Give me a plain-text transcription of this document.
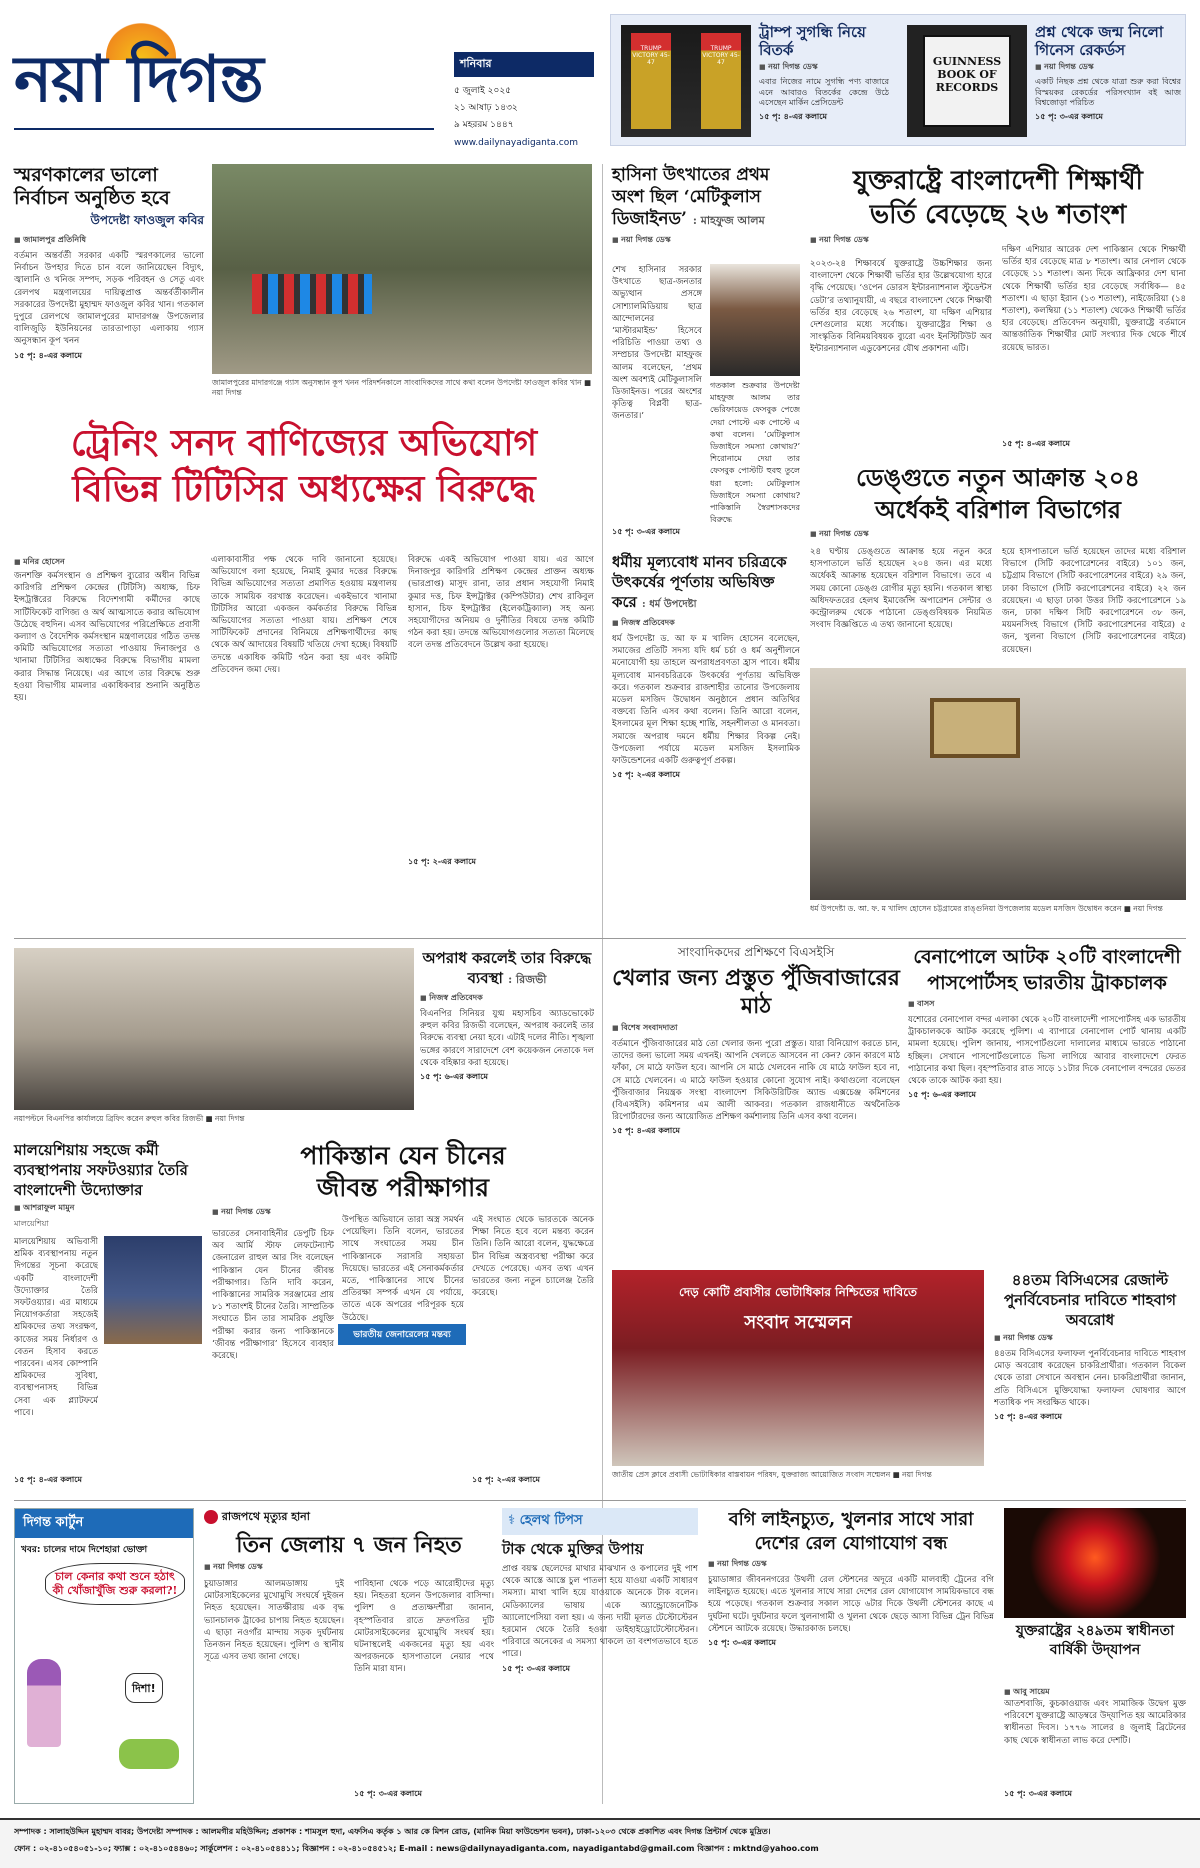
নয়া দিগন্ত	শনিবার
৫ জুলাই ২০২৫
২১ আষাঢ় ১৪৩২
৯ মহররম ১৪৪৭
www.dailynayadiganta.com
TRUMP VICTORY 45-47
TRUMP VICTORY 45-47
ট্রাম্প সুগন্ধি নিয়ে বিতর্ক
■ নয়া দিগন্ত ডেস্ক
এবার নিজের নামে সুগন্ধি পণ্য বাজারে এনে আবারও বিতর্কের কেন্দ্রে উঠে এসেছেন মার্কিন প্রেসিডেন্ট
১৫ পৃ: ৪-এর কলামে
GUINNESS BOOK OF RECORDS
প্রশ্ন থেকে জন্ম নিলো গিনেস রেকর্ডস
■ নয়া দিগন্ত ডেস্ক
একটি নিছক প্রশ্ন থেকে যাত্রা শুরু করা বিশ্বের বিস্ময়কর রেকর্ডের পরিসংখ্যান বই আজ বিশ্বজোড়া পরিচিত
১৫ পৃ: ৩-এর কলামে
স্মরণকালের ভালো নির্বাচন অনুষ্ঠিত হবে
উপদেষ্টা ফাওজুল কবির
■ জামালপুর প্রতিনিধি
বর্তমান অন্তর্বর্তী সরকার একটি স্মরণকালের ভালো নির্বাচন উপহার দিতে চান বলে জানিয়েছেন বিদ্যুৎ, জ্বালানি ও খনিজ সম্পদ, সড়ক পরিবহন ও সেতু এবং রেলপথ মন্ত্রণালয়ের দায়িত্বপ্রাপ্ত অন্তর্বর্তীকালীন সরকারের উপদেষ্টা মুহাম্মদ ফাওজুল কবির খান। গতকাল দুপুরে রেলপথে জামালপুরের মাদারগঞ্জ উপজেলার বালিজুড়ি ইউনিয়নের তারতাপাড়া এলাকায় গ্যাস অনুসন্ধান কূপ খনন
১৫ পৃ: ৪-এর কলামে
জামালপুরের মাদারগঞ্জে গ্যাস অনুসন্ধান কূপ খনন পরিদর্শনকালে সাংবাদিকদের সাথে কথা বলেন উপদেষ্টা ফাওজুল কবির খান ■ নয়া দিগন্ত
ট্রেনিং সনদ বাণিজ্যের অভিযোগ
বিভিন্ন টিটিসির অধ্যক্ষের বিরুদ্ধে
■ মনির হোসেন
জনশক্তি কর্মসংস্থান ও প্রশিক্ষণ ব্যুরোর অধীন বিভিন্ন কারিগরি প্রশিক্ষণ কেন্দ্রের (টিটিসি) অধ্যক্ষ, চিফ ইন্সট্রাক্টরের বিরুদ্ধে বিদেশগামী কর্মীদের কাছে সার্টিফিকেট বাণিজ্য ও অর্থ আত্মসাতে করার অভিযোগ উঠেছে বহুদিন। এসব অভিযোগের পরিপ্রেক্ষিতে প্রবাসী কল্যাণ ও বৈদেশিক কর্মসংস্থান মন্ত্রণালয়ের গঠিত তদন্ত কমিটি অভিযোগের সত্যতা পাওয়ায় দিনাজপুর ও খানামা টিটিসির অধ্যক্ষের বিরুদ্ধে বিভাগীয় মামলা করার সিদ্ধান্ত নিয়েছে। এর আগে তার বিরুদ্ধে শুরু হওয়া বিভাগীয় মামলার একাধিকবার শুনানি অনুষ্ঠিত হয়।
এলাকাবাসীর পক্ষ থেকে দাবি জানানো হয়েছে। অভিযোগে বলা হয়েছে, নিমাই কুমার দত্তের বিরুদ্ধে বিভিন্ন অভিযোগের সত্যতা প্রমাণিত হওয়ায় মন্ত্রণালয় তাকে সাময়িক বরখাস্ত করেছেন। একইভাবে খানামা টিটিসির আরো একজন কর্মকর্তার বিরুদ্ধে বিভিন্ন অভিযোগের সত্যতা পাওয়া যায়। প্রশিক্ষণ শেষে সার্টিফিকেট প্রদানের বিনিময়ে প্রশিক্ষণার্থীদের কাছ থেকে অর্থ আদায়ের বিষয়টি খতিয়ে দেখা হচ্ছে। বিষয়টি তদন্তে একাধিক কমিটি গঠন করা হয় এবং কমিটি প্রতিবেদন জমা দেয়।
বিরুদ্ধে একই অভিযোগ পাওয়া যায়। এর আগে দিনাজপুর কারিগরি প্রশিক্ষণ কেন্দ্রের প্রাক্তন অধ্যক্ষ (ভারপ্রাপ্ত) মাসুদ রানা, তার প্রধান সহযোগী নিমাই কুমার দত্ত, চিফ ইন্সট্রাক্টর (কম্পিউটার) শেখ রাকিবুল হাসান, চিফ ইন্সট্রাক্টর (ইলেকট্রিক্যাল) সহ অন্য সহযোগীদের অনিয়ম ও দুর্নীতির বিষয়ে তদন্ত কমিটি গঠন করা হয়। তদন্তে অভিযোগগুলোর সত্যতা মিলেছে বলে তদন্ত প্রতিবেদনে উল্লেখ করা হয়েছে।
১৫ পৃ: ২-এর কলামে
হাসিনা উৎখাতের প্রথম অংশ ছিল ‘মেটিকুলাস ডিজাইনড’ : মাহফুজ আলম
■ নয়া দিগন্ত ডেস্ক
শেখ হাসিনার সরকার উৎখাতে ছাত্র-জনতার অভ্যুত্থান প্রসঙ্গে সোশ্যালমিডিয়ায় ছাত্র আন্দোলনের ‘মাস্টারমাইন্ড’ হিসেবে পরিচিতি পাওয়া তথ্য ও সম্প্রচার উপদেষ্টা মাহফুজ আলম বলেছেন, ‘প্রথম অংশ অবশ্যই মেটিকুলাসলি ডিজাইনড। পরের অংশের কৃতিত্ব বিপ্লবী ছাত্র-জনতার।’
গতকাল শুক্রবার উপদেষ্টা মাহফুজ আলম তার ভেরিফায়েড ফেসবুক পেজে দেয়া পোস্টে এক পোস্টে এ কথা বলেন। ‘মেটিকুলাস ডিজাইনে সমস্যা কোথায়?’ শিরোনামে দেয়া তার ফেসবুক পোস্টটি হুবহু তুলে ধরা হলো: মেটিকুলাস ডিজাইনে সমস্যা কোথায়? পাকিস্তানি স্বৈরশাসকদের বিরুদ্ধে
১৫ পৃ: ৩-এর কলামে
যুক্তরাষ্ট্রে বাংলাদেশী শিক্ষার্থী
ভর্তি বেড়েছে ২৬ শতাংশ
■ নয়া দিগন্ত ডেস্ক
২০২৩-২৪ শিক্ষাবর্ষে যুক্তরাষ্ট্রে উচ্চশিক্ষার জন্য বাংলাদেশ থেকে শিক্ষার্থী ভর্তির হার উল্লেখযোগ্য হারে বৃদ্ধি পেয়েছে। ‘ওপেন ডোরস ইন্টারন্যাশনাল স্টুডেন্টস ডেটা’র তথ্যানুযায়ী, এ বছরে বাংলাদেশ থেকে শিক্ষার্থী ভর্তির হার বেড়েছে ২৬ শতাংশ, যা দক্ষিণ এশিয়ার দেশগুলোর মধ্যে সর্বোচ্চ। যুক্তরাষ্ট্রের শিক্ষা ও সাংস্কৃতিক বিনিময়বিষয়ক ব্যুরো এবং ইনস্টিটিউট অব ইন্টারন্যাশনাল এডুকেশনের যৌথ প্রকাশনা এটি।
দক্ষিণ এশিয়ার আরেক দেশ পাকিস্তান থেকে শিক্ষার্থী ভর্তির হার বেড়েছে মাত্র ৮ শতাংশ। আর নেপাল থেকে বেড়েছে ১১ শতাংশ। অন্য দিকে আফ্রিকার দেশ ঘানা থেকে শিক্ষার্থী ভর্তির হার বেড়েছে সর্বাধিক— ৪৫ শতাংশ। এ ছাড়া ইরান (১৩ শতাংশ), নাইজেরিয়া (১৪ শতাংশ), কলম্বিয়া (১১ শতাংশ) থেকেও শিক্ষার্থী ভর্তির হার বেড়েছে। প্রতিবেদন অনুযায়ী, যুক্তরাষ্ট্রে বর্তমানে আন্তর্জাতিক শিক্ষার্থীর মোট সংখ্যার দিক থেকে শীর্ষে রয়েছে ভারত।
১৫ পৃ: ৪-এর কলামে
ডেঙ্গুতে নতুন আক্রান্ত ২০৪
অর্ধেকই বরিশাল বিভাগের
■ নয়া দিগন্ত ডেস্ক
২৪ ঘণ্টায় ডেঙ্গুতে আক্রান্ত হয়ে নতুন করে হাসপাতালে ভর্তি হয়েছেন ২০৪ জন। এর মধ্যে অর্ধেকই আক্রান্ত হয়েছেন বরিশাল বিভাগে। তবে এ সময় কোনো ডেঙ্গু রোগীর মৃত্যু হয়নি। গতকাল স্বাস্থ্য অধিদফতরের হেলথ ইমার্জেন্সি অপারেশন সেন্টার ও কন্ট্রোলরুম থেকে পাঠানো ডেঙ্গুবিষয়ক নিয়মিত সংবাদ বিজ্ঞপ্তিতে এ তথ্য জানানো হয়েছে।
হয়ে হাসপাতালে ভর্তি হয়েছেন তাদের মধ্যে বরিশাল বিভাগে (সিটি করপোরেশনের বাইরে) ১০১ জন, চট্টগ্রাম বিভাগে (সিটি করপোরেশনের বাইরে) ২৯ জন, ঢাকা বিভাগে (সিটি করপোরেশনের বাইরে) ২২ জন রয়েছেন। এ ছাড়া ঢাকা উত্তর সিটি করপোরেশনে ১৯ জন, ঢাকা দক্ষিণ সিটি করপোরেশনে ৩৮ জন, ময়মনসিংহ বিভাগে (সিটি করপোরেশনের বাইরে) ৫ জন, খুলনা বিভাগে (সিটি করপোরেশনের বাইরে) রয়েছেন।
ধর্মীয় মূল্যবোধ মানব চরিত্রকে উৎকর্ষের পূর্ণতায় অভিষিক্ত করে : ধর্ম উপদেষ্টা
■ নিজস্ব প্রতিবেদক
ধর্ম উপদেষ্টা ড. আ ফ ম খালিদ হোসেন বলেছেন, সমাজের প্রতিটি সদস্য যদি ধর্ম চর্চা ও ধর্ম অনুশীলনে মনোযোগী হয় তাহলে অপরাধপ্রবণতা হ্রাস পাবে। ধর্মীয় মূল্যবোধ মানবচরিত্রকে উৎকর্ষের পূর্ণতায় অভিষিক্ত করে। গতকাল শুক্রবার রাজশাহীর তানোর উপজেলায় মডেল মসজিদ উদ্বোধন অনুষ্ঠানে প্রধান অতিথির বক্তব্যে তিনি এসব কথা বলেন। তিনি আরো বলেন, ইসলামের মূল শিক্ষা হচ্ছে শান্তি, সহনশীলতা ও মানবতা। সমাজে অপরাধ দমনে ধর্মীয় শিক্ষার বিকল্প নেই। উপজেলা পর্যায়ে মডেল মসজিদ ইসলামিক ফাউন্ডেশনের একটি গুরুত্বপূর্ণ প্রকল্প।
১৫ পৃ: ২-এর কলামে
ধর্ম উপদেষ্টা ড. আ. ফ. ম খালিদ হোসেন চট্টগ্রামের রাঙ্গুনিয়া উপজেলায় মডেল মসজিদ উদ্বোধন করেন ■ নয়া দিগন্ত
নয়াপল্টনে বিএনপির কার্যালয়ে ব্রিফিং করেন রুহুল কবির রিজভী ■ নয়া দিগন্ত
অপরাধ করলেই তার বিরুদ্ধে ব্যবস্থা : রিজভী
■ নিজস্ব প্রতিবেদক
বিএনপির সিনিয়র যুগ্ম মহাসচিব অ্যাডভোকেট রুহুল কবির রিজভী বলেছেন, অপরাধ করলেই তার বিরুদ্ধে ব্যবস্থা নেয়া হবে। এটাই দলের নীতি। শৃঙ্খলা ভঙ্গের কারণে সারাদেশে বেশ কয়েকজন নেতাকে দল থেকে বহিষ্কার করা হয়েছে।
১৫ পৃ: ৬-এর কলামে
সাংবাদিকদের প্রশিক্ষণে বিএসইসি
খেলার জন্য প্রস্তুত পুঁজিবাজারের মাঠ
■ বিশেষ সংবাদদাতা
বর্তমানে পুঁজিবাজারের মাঠ তো খেলার জন্য পুরো প্রস্তুত। যারা বিনিয়োগ করতে চান, তাদের জন্য ভালো সময় এখনই। আপনি খেলতে আসবেন না কেন? কোন কারণে মাঠ ফাঁকা, সে মাঠে ফাউল হবে। আপনি সে মাঠে খেলবেন নাকি যে মাঠে ফাউল হবে না, সে মাঠে খেলবেন। এ মাঠে ফাউল হওয়ার কোনো সুযোগ নাই। কথাগুলো বলেছেন পুঁজিবাজার নিয়ন্ত্রক সংস্থা বাংলাদেশ সিকিউরিটিজ অ্যান্ড এক্সচেঞ্জ কমিশনের (বিএসইসি) কমিশনার এম আলী আকবর। গতকাল রাজধানীতে অর্থনৈতিক রিপোর্টারদের জন্য আয়োজিত প্রশিক্ষণ কর্মশালায় তিনি এসব কথা বলেন।
১৫ পৃ: ৪-এর কলামে
বেনাপোলে আটক ২০টি বাংলাদেশী
পাসপোর্টসহ ভারতীয় ট্রাকচালক
■ বাসস
যশোরের বেনাপোল বন্দর এলাকা থেকে ২০টি বাংলাদেশী পাসপোর্টসহ এক ভারতীয় ট্রাকচালককে আটক করেছে পুলিশ। এ ব্যাপারে বেনাপোল পোর্ট থানায় একটি মামলা হয়েছে। পুলিশ জানায়, পাসপোর্টগুলো দালালের মাধ্যমে ভারতে পাঠানো হচ্ছিল। সেখানে পাসপোর্টগুলোতে ভিসা লাগিয়ে আবার বাংলাদেশে ফেরত পাঠানোর কথা ছিল। বৃহস্পতিবার রাত সাড়ে ১১টার দিকে বেনাপোল বন্দরের ভেতর থেকে তাকে আটক করা হয়।
১৫ পৃ: ৬-এর কলামে
মালয়েশিয়ায় সহজে কর্মী ব্যবস্থাপনায় সফটওয়্যার তৈরি বাংলাদেশী উদ্যোক্তার
■ আশরাফুল মামুন
মালয়েশিয়া
মালয়েশিয়ায় অভিবাসী শ্রমিক ব্যবস্থাপনায় নতুন দিগন্তের সূচনা করেছে একটি বাংলাদেশী উদ্যোক্তার তৈরি সফটওয়্যার। এর মাধ্যমে নিয়োগকর্তারা সহজেই শ্রমিকদের তথ্য সংরক্ষণ, কাজের সময় নির্ধারণ ও বেতন হিসাব করতে পারবেন। এসব কোম্পানি শ্রমিকদের সুবিধা, ব্যবস্থাপনাসহ বিভিন্ন সেবা এক প্ল্যাটফর্মে পাবে।
১৫ পৃ: ৪-এর কলামে
পাকিস্তান যেন চীনের
জীবন্ত পরীক্ষাগার
■ নয়া দিগন্ত ডেস্ক
ভারতের সেনাবাহিনীর ডেপুটি চিফ অব আর্মি স্টাফ লেফটেন্যান্ট জেনারেল রাহুল আর সিং বলেছেন পাকিস্তান যেন চীনের জীবন্ত পরীক্ষাগার। তিনি দাবি করেন, পাকিস্তানের সামরিক সরঞ্জামের প্রায় ৮১ শতাংশই চীনের তৈরি। সাম্প্রতিক সংঘাতে চীন তার সামরিক প্রযুক্তি পরীক্ষা করার জন্য পাকিস্তানকে ‘জীবন্ত পরীক্ষাগার’ হিসেবে ব্যবহার করেছে।
ভারতীয় জেনারেলের মন্তব্য
উপস্থিত অভিযানে তারা অস্ত্র সমর্থন পেয়েছিল। তিনি বলেন, ভারতের সাথে সংঘাতের সময় চীন পাকিস্তানকে সরাসরি সহায়তা দিয়েছে। ভারতের এই সেনাকর্মকর্তার মতে, পাকিস্তানের সাথে চীনের প্রতিরক্ষা সম্পর্ক এখন যে পর্যায়ে, তাতে একে অপরের পরিপূরক হয়ে উঠেছে।
এই সংঘাত থেকে ভারতকে অনেক শিক্ষা নিতে হবে বলে মন্তব্য করেন তিনি। তিনি আরো বলেন, যুদ্ধক্ষেত্রে চীন বিভিন্ন অস্ত্রব্যবস্থা পরীক্ষা করে দেখতে পেরেছে। এসব তথ্য এখন ভারতের জন্য নতুন চ্যালেঞ্জ তৈরি করেছে।
১৫ পৃ: ২-এর কলামে
দেড় কোটি প্রবাসীর ভোটাধিকার নিশ্চিতের দাবিতে
সংবাদ সম্মেলন
জাতীয় প্রেস ক্লাবে প্রবাসী ভোটাধিকার বাস্তবায়ন পরিষদ, যুক্তরাজ্য আয়োজিত সংবাদ সম্মেলন ■ নয়া দিগন্ত
৪৪তম বিসিএসের রেজাল্ট পুনর্বিবেচনার দাবিতে শাহবাগ অবরোধ
■ নয়া দিগন্ত ডেস্ক
৪৪তম বিসিএসের ফলাফল পুনর্বিবেচনার দাবিতে শাহবাগ মোড় অবরোধ করেছেন চাকরিপ্রার্থীরা। গতকাল বিকেল থেকে তারা সেখানে অবস্থান নেন। চাকরিপ্রার্থীরা জানান, প্রতি বিসিএসে মুক্তিযোদ্ধা ফলাফল ঘোষণার আগে শতাধিক পদ সংরক্ষিত থাকে।
১৫ পৃ: ৪-এর কলামে
দিগন্ত কার্টুন
খবর: চালের দামে দিশেহারা ভোক্তা
চাল কেনার কথা শুনে হঠাৎ কী খোঁজাখুঁজি শুরু করলা?!
দিশা!
রাজপথে মৃত্যুর হানা
তিন জেলায় ৭ জন নিহত
■ নয়া দিগন্ত ডেস্ক
চুয়াডাঙ্গার আলমডাঙ্গায় দুই মোটরসাইকেলের মুখোমুখি সংঘর্ষে দুইজন নিহত হয়েছেন। সাতক্ষীরায় এক বৃদ্ধ ভ্যানচালক ট্রাকের চাপায় নিহত হয়েছেন। এ ছাড়া নওগাঁর মান্দায় সড়ক দুর্ঘটনায় তিনজন নিহত হয়েছেন। পুলিশ ও স্থানীয় সূত্রে এসব তথ্য জানা গেছে।
পাবিহানা থেকে পড়ে আরোহীদের মৃত্যু হয়। নিহতরা হলেন উপজেলার বাসিন্দা। পুলিশ ও প্রত্যক্ষদর্শীরা জানান, বৃহস্পতিবার রাতে দ্রুতগতির দুটি মোটরসাইকেলের মুখোমুখি সংঘর্ষ হয়। ঘটনাস্থলেই একজনের মৃত্যু হয় এবং অপরজনকে হাসপাতালে নেয়ার পথে তিনি মারা যান।
১৫ পৃ: ৩-এর কলামে
⚕ হেলথ টিপস
টাক থেকে মুক্তির উপায়
প্রাপ্ত বয়স্ক ছেলেদের মাথার মাঝখান ও কপালের দুই পাশ থেকে আস্তে আস্তে চুল পাতলা হয়ে যাওয়া একটি সাধারণ সমস্যা। মাথা খালি হয়ে যাওয়াকে অনেকে টাক বলেন। মেডিক্যালের ভাষায় একে অ্যান্ড্রোজেনেটিক অ্যালোপেসিয়া বলা হয়। এ জন্য দায়ী মূলত টেস্টোস্টেরন হরমোন থেকে তৈরি হওয়া ডাইহাইড্রোটেস্টোস্টেরন। পরিবারে অনেকের এ সমস্যা থাকলে তা বংশগতভাবে হতে পারে।
১৫ পৃ: ৩-এর কলামে
বগি লাইনচ্যুত, খুলনার সাথে সারা দেশের রেল যোগাযোগ বন্ধ
■ নয়া দিগন্ত ডেস্ক
চুয়াডাঙ্গার জীবননগরের উথলী রেল স্টেশনের অদূরে একটি মালবাহী ট্রেনের বগি লাইনচ্যুত হয়েছে। এতে খুলনার সাথে সারা দেশের রেল যোগাযোগ সাময়িকভাবে বন্ধ হয়ে পড়েছে। গতকাল শুক্রবার সকাল সাড়ে ৬টার দিকে উথলী স্টেশনের কাছে এ দুর্ঘটনা ঘটে। দুর্ঘটনার ফলে খুলনাগামী ও খুলনা থেকে ছেড়ে আসা বিভিন্ন ট্রেন বিভিন্ন স্টেশনে আটকে রয়েছে। উদ্ধারকাজ চলছে।
১৫ পৃ: ৩-এর কলামে
যুক্তরাষ্ট্রের ২৪৯তম স্বাধীনতা বার্ষিকী উদ্‌যাপন
■ আবু সায়েম
আতশবাজি, কুচকাওয়াজ এবং সামাজিক উদ্বেগ মুক্ত পরিবেশে যুক্তরাষ্ট্রে আড়ম্বরে উদ্‌যাপিত হয় আমেরিকার স্বাধীনতা দিবস। ১৭৭৬ সালের ৪ জুলাই ব্রিটেনের কাছ থেকে স্বাধীনতা লাভ করে দেশটি।
১৫ পৃ: ৩-এর কলামে
সম্পাদক : সালাহউদ্দিন মুহাম্মদ বাবর; উপদেষ্টা সম্পাদক : আলমগীর মহিউদ্দিন; প্রকাশক : শামসুল হুদা, এফসিএ কর্তৃক ১ আর কে মিশন রোড, (মানিক মিয়া ফাউন্ডেশন ভবন), ঢাকা-১২০৩ থেকে প্রকাশিত এবং দিগন্ত প্রিন্টার্স থেকে মুদ্রিত।
ফোন : ০২-৪১০৫৪০৫১-১০; ফ্যাক্স : ০২-৪১০৫৪৪৬০; সার্কুলেশন : ০২-৪১০৫৪৪১১; বিজ্ঞাপন : ০২-৪১০৫৪৫১২; E-mail : news@dailynayadiganta.com, nayadigantabd@gmail.com বিজ্ঞাপন : mktnd@yahoo.com
